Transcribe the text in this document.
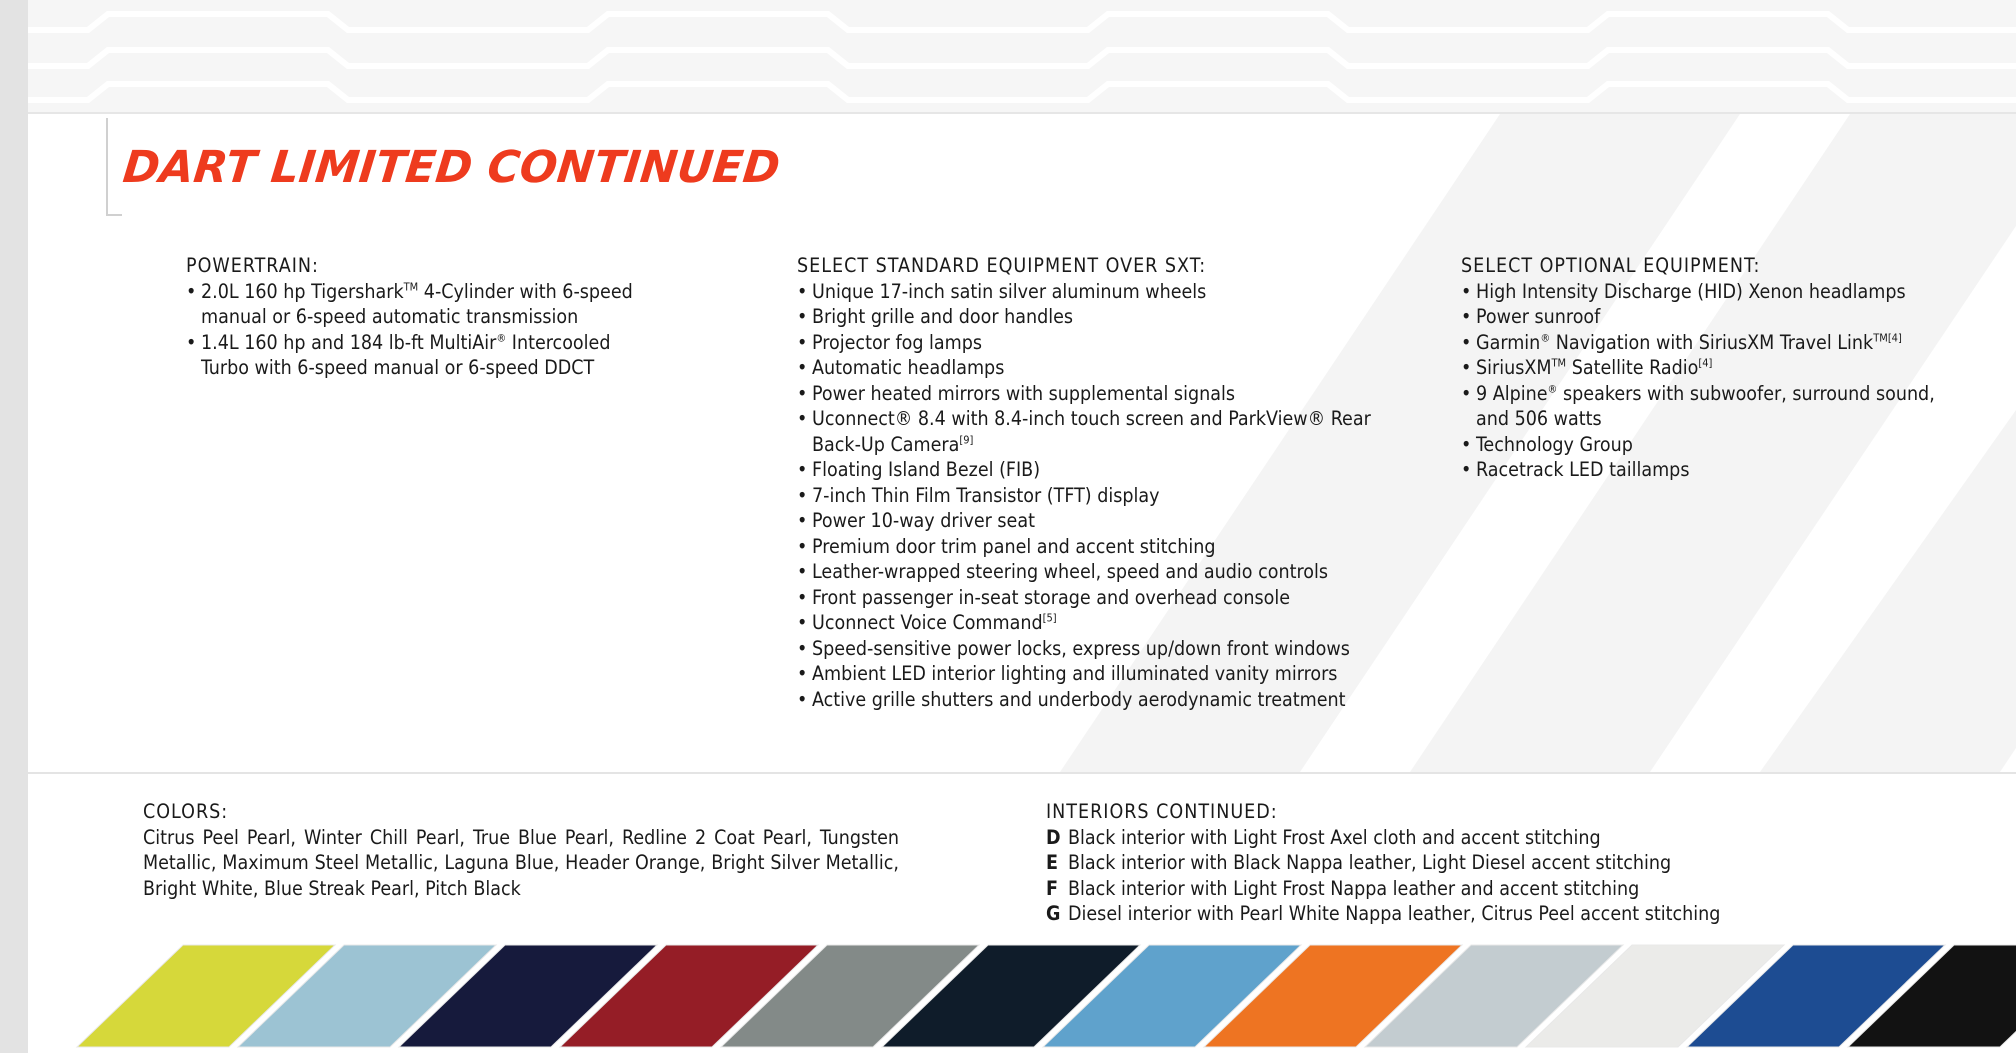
DART LIMITED CONTINUED
POWERTRAIN:
• 2.0L 160 hp Tigershark™ 4-Cylinder with 6-speed
manual or 6-speed automatic transmission
• 1.4L 160 hp and 184 lb-ft MultiAir® Intercooled
Turbo with 6-speed manual or 6-speed DDCT
SELECT STANDARD EQUIPMENT OVER SXT:
• Unique 17-inch satin silver aluminum wheels
• Bright grille and door handles
• Projector fog lamps
• Automatic headlamps
• Power heated mirrors with supplemental signals
• Uconnect® 8.4 with 8.4-inch touch screen and ParkView® Rear
Back-Up Camera[9]
• Floating Island Bezel (FIB)
• 7-inch Thin Film Transistor (TFT) display
• Power 10-way driver seat
• Premium door trim panel and accent stitching
• Leather-wrapped steering wheel, speed and audio controls
• Front passenger in-seat storage and overhead console
• Uconnect Voice Command[5]
• Speed-sensitive power locks, express up/down front windows
• Ambient LED interior lighting and illuminated vanity mirrors
• Active grille shutters and underbody aerodynamic treatment
SELECT OPTIONAL EQUIPMENT:
• High Intensity Discharge (HID) Xenon headlamps
• Power sunroof
• Garmin® Navigation with SiriusXM Travel Link$^{TM[4]}$
• SiriusXM™ Satellite Radio[4]
• 9 Alpine® speakers with subwoofer, surround sound,
and 506 watts
• Technology Group
• Racetrack LED taillamps
COLORS:
Citrus Peel Pearl, Winter Chill Pearl, True Blue Pearl, Redline 2 Coat Pearl, Tungsten Metallic, Maximum Steel Metallic, Laguna Blue, Header Orange, Bright Silver Metallic, Bright White, Blue Streak Pearl, Pitch Black
INTERIORS CONTINUED:
D Black interior with Light Frost Axel cloth and accent stitching
E Black interior with Black Nappa leather, Light Diesel accent stitching
F Black interior with Light Frost Nappa leather and accent stitching
G Diesel interior with Pearl White Nappa leather, Citrus Peel accent stitching
